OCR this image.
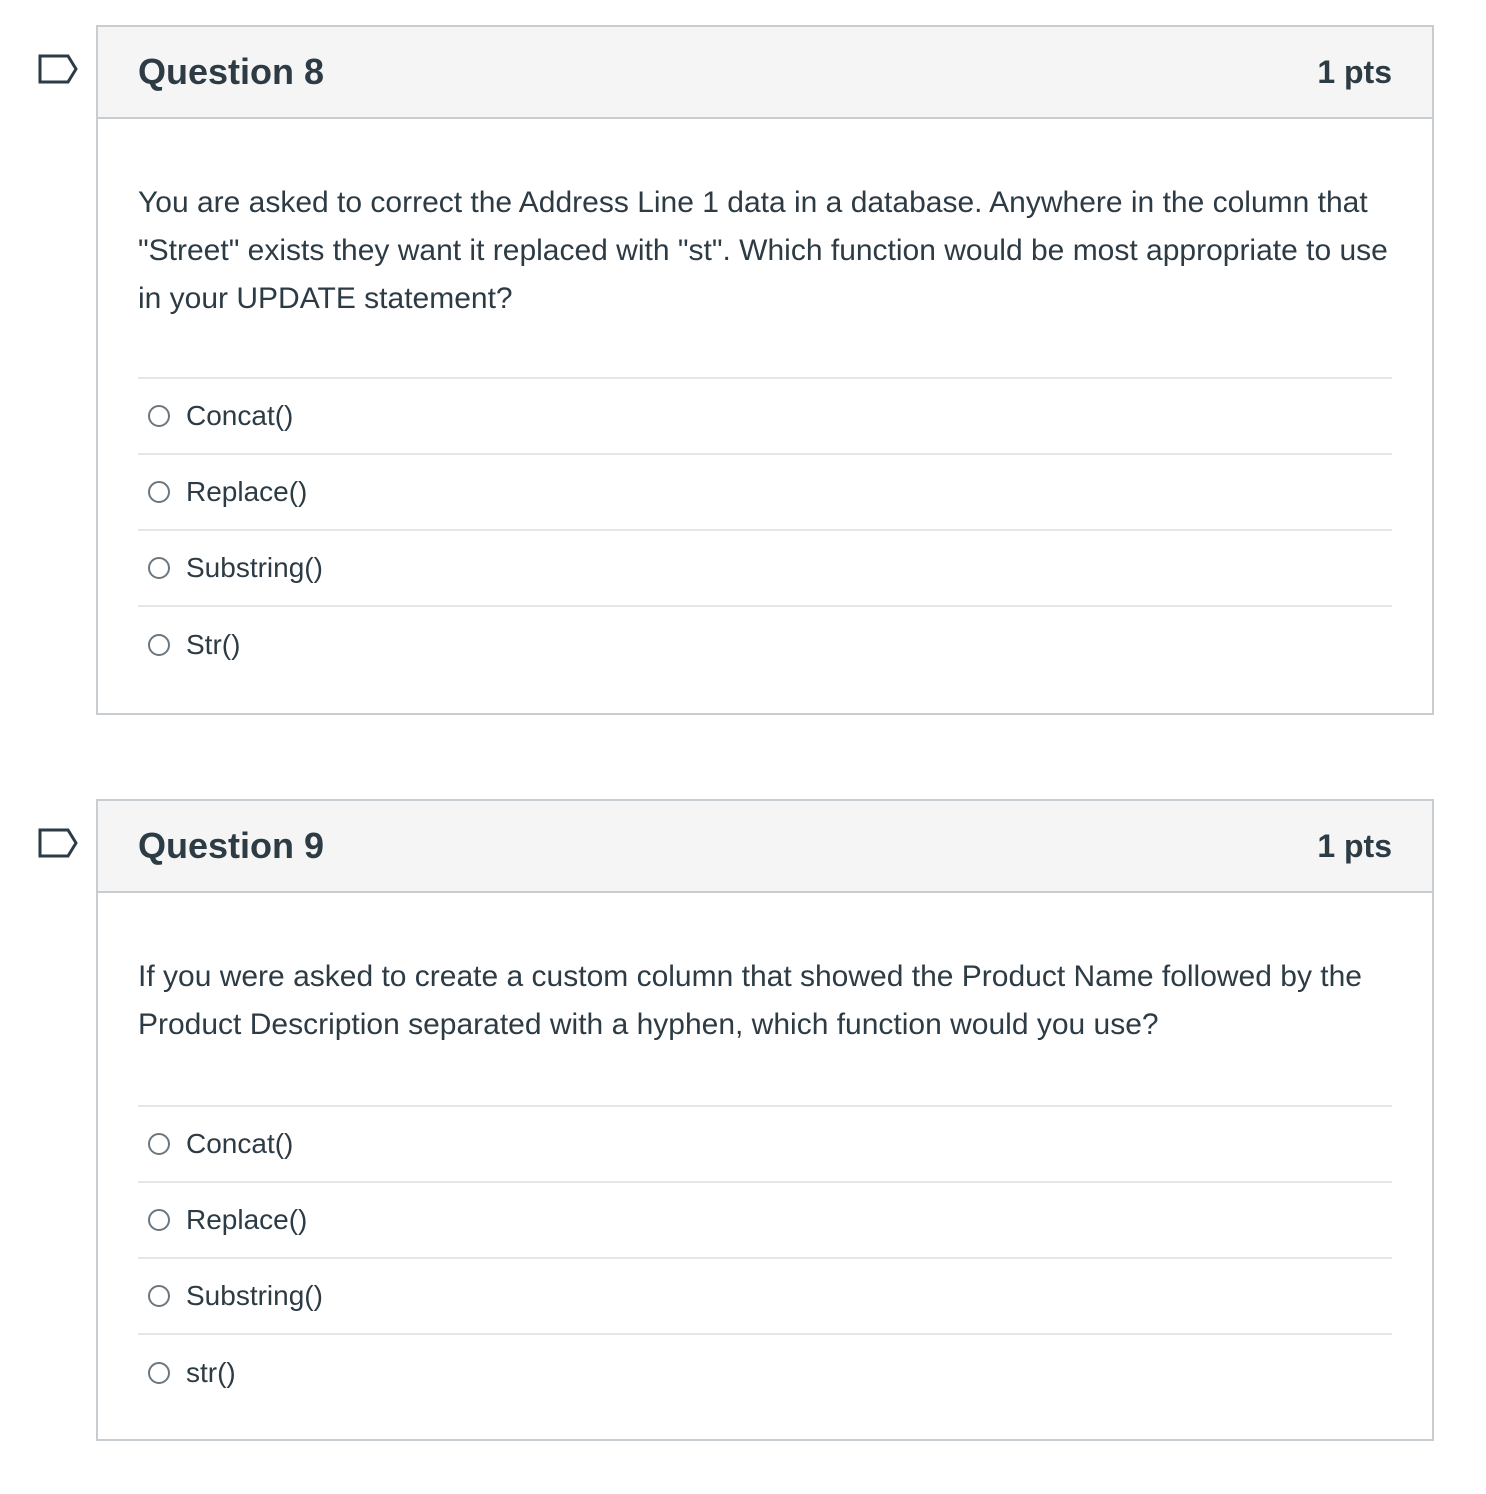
Question 8	1 pts

You are asked to correct the Address Line 1 data in a database. Anywhere in the column that "Street" exists they want it replaced with "st". Which function would be most appropriate to use in your UPDATE statement?

Concat()
Replace()
Substring()
Str()
Question 9	1 pts

If you were asked to create a custom column that showed the Product Name followed by the Product Description separated with a hyphen, which function would you use?

Concat()
Replace()
Substring()
str()
